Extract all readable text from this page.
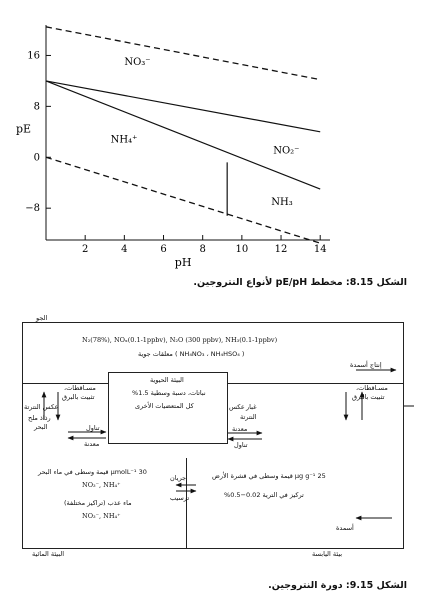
16
8
0
−8
2	4	6	8	10	12	14
pE
pH
NO₃⁻
NH₄⁺
NO₂⁻
NH₃
الشكل 8.15: مخطط pE/pH لأنواع النتروجين.
الجو
N₂(78%), NOₓ(0.1-1ppbv), N₂O (300 ppbv), NH₃(0.1-1ppbv)
( NH₄NO₃ ، NH₄HSO₄ ) معلقات جوية
إنتاج أسمدة
البيئة الحيوية
نباتات، دسبة وسطية 1.5%
كل المتعضيات الأخرى
مسـاقطات،
تثبيت بالبرق
عكس النترتة
رذاذ ملح
البحر
مسـاقطات،
تثبيت بالبرق
غبار
عكس
النترتة
تناول
معدنة
معدنة
تناول
30 μmolL⁻¹ قيمة وسطى في ماء البحر
NO₃⁻, NH₄⁺
ماء عذب (تراكيز مختلفة)
NO₃⁻, NH₄⁺
جريان
ترسيب
25 μg g⁻¹ قيمة وسطى في قشرة الأرض
تركيز في الترية 0.02−0.5%
أسمدة
البيئة المائية	بيئة اليابسة
الشكل 9.15: دورة النتروجين.
